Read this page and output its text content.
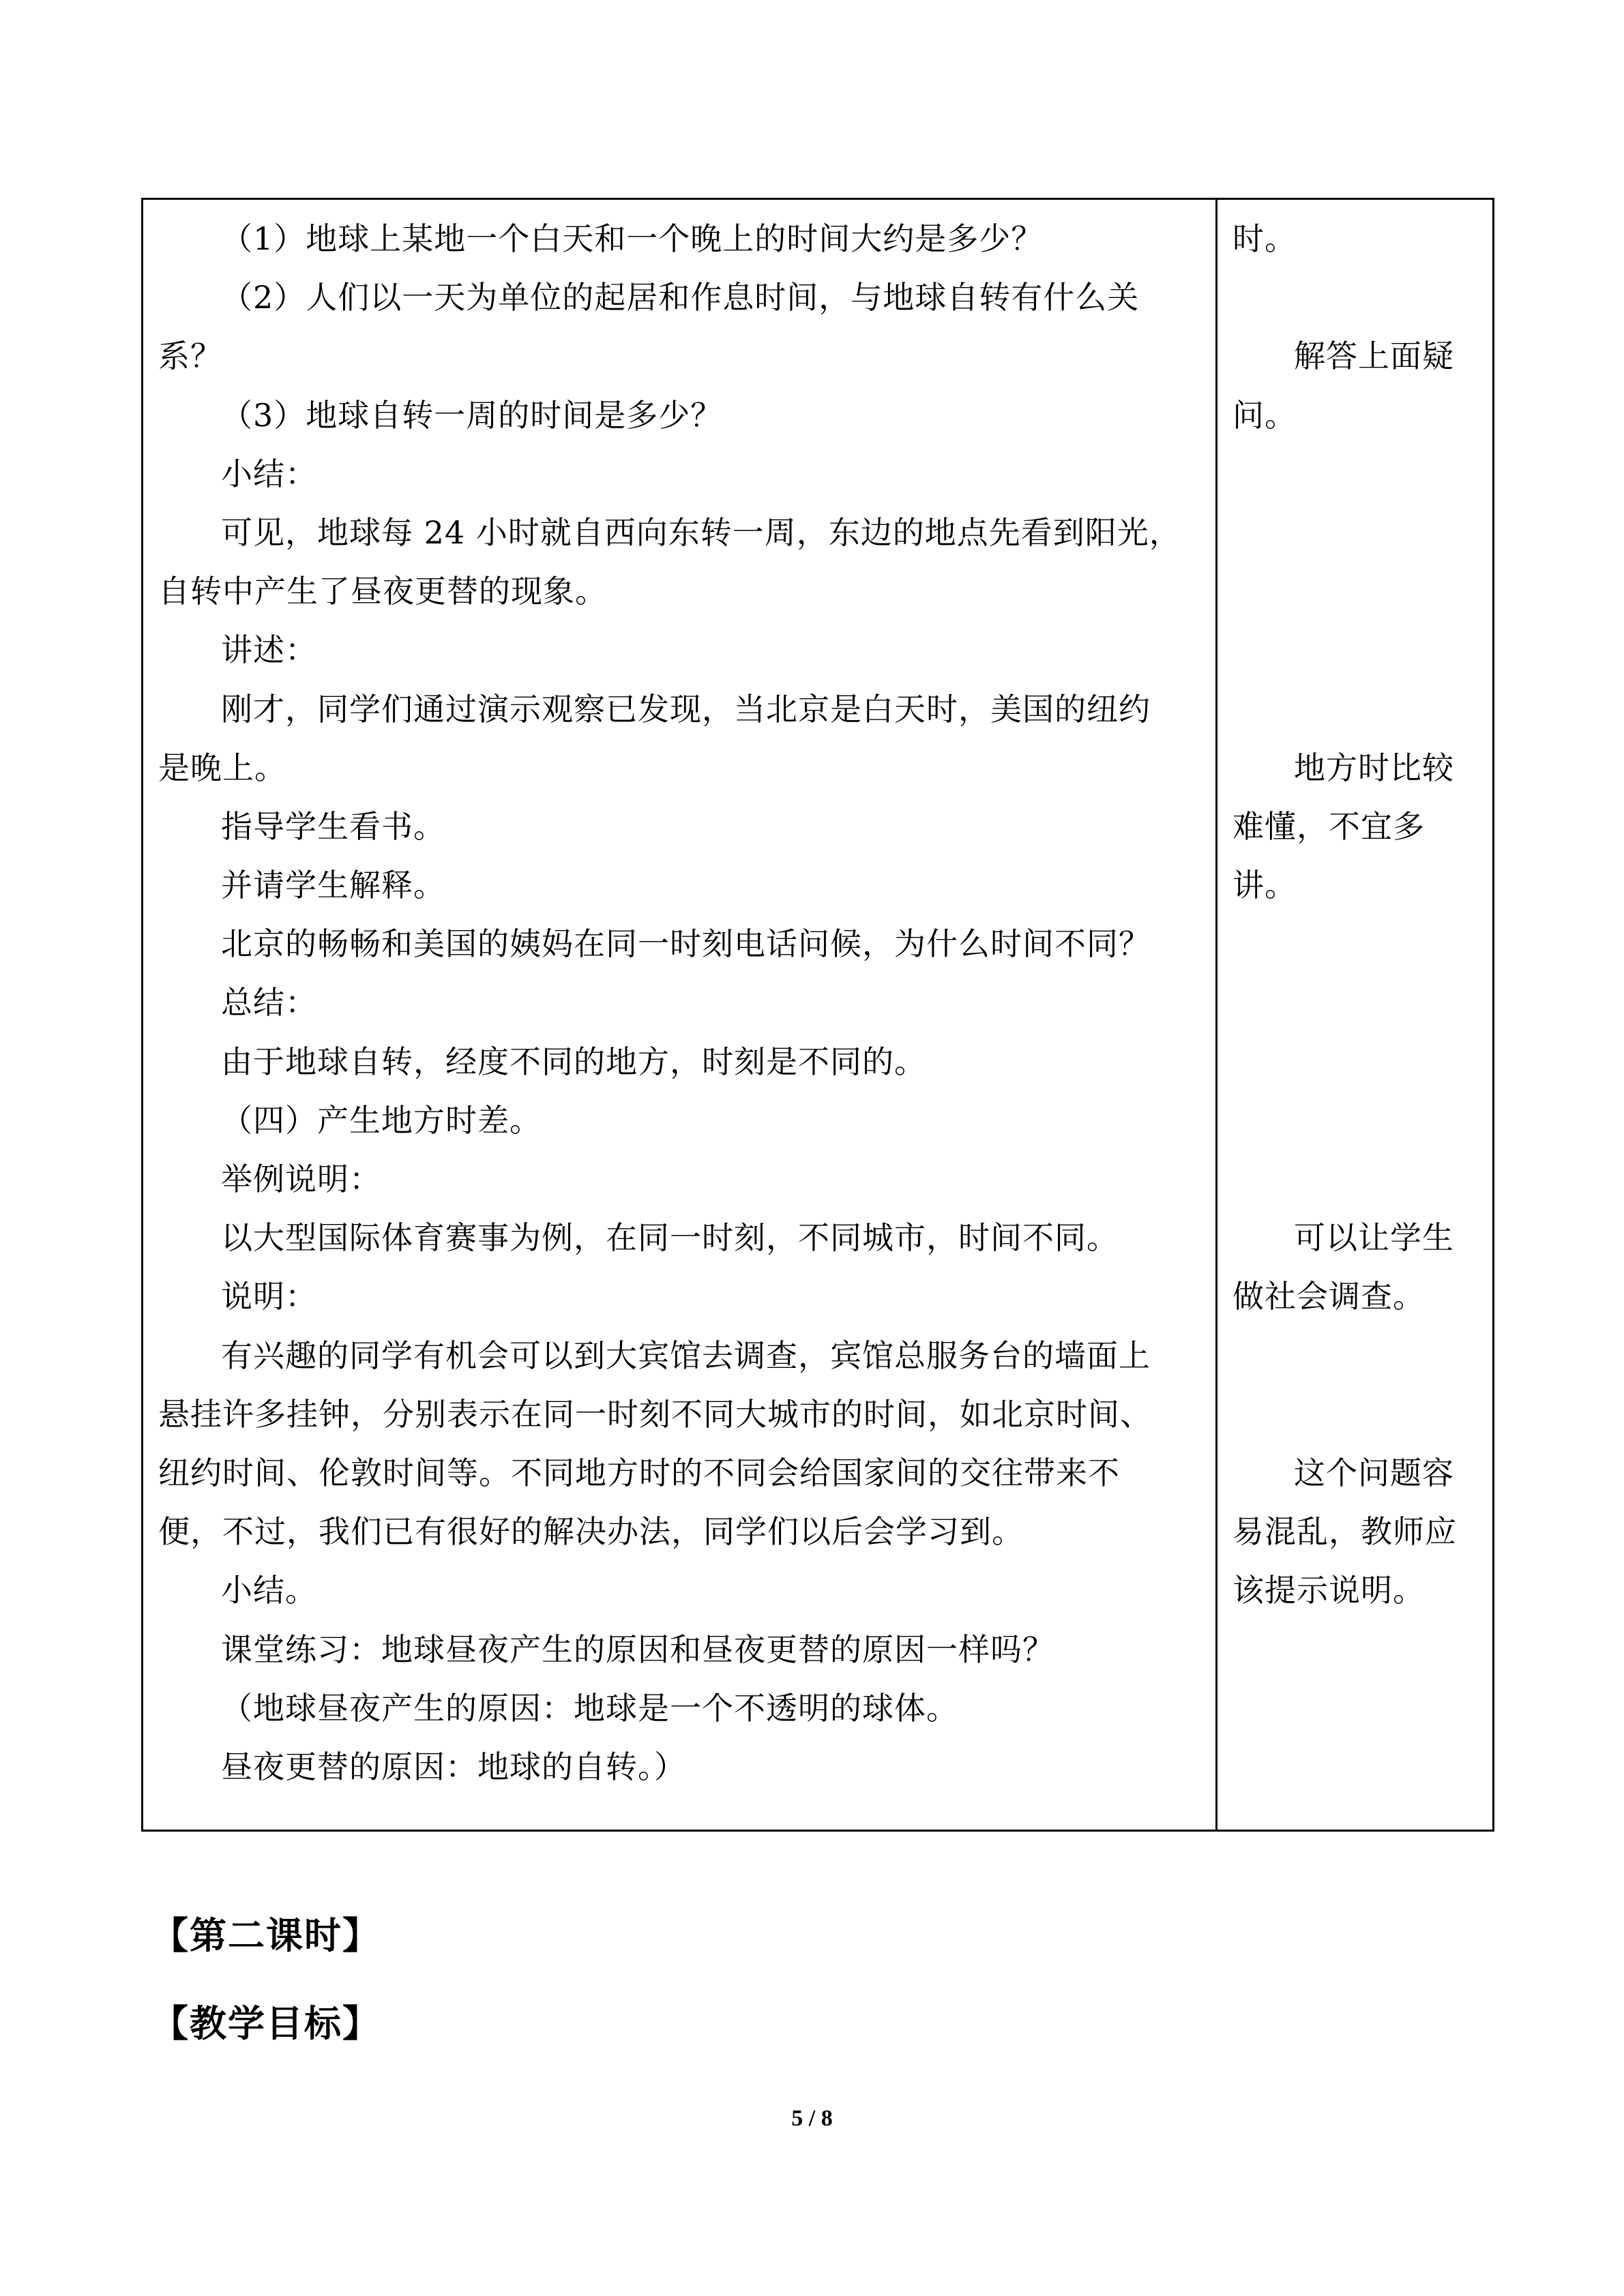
（1）地球上某地一个白天和一个晚上的时间大约是多少？
（2）人们以一天为单位的起居和作息时间，与地球自转有什么关
系？
（3）地球自转一周的时间是多少？
小结：
可见，地球每 24 小时就自西向东转一周，东边的地点先看到阳光，
自转中产生了昼夜更替的现象。
讲述：
刚才，同学们通过演示观察已发现，当北京是白天时，美国的纽约
是晚上。
指导学生看书。
并请学生解释。
北京的畅畅和美国的姨妈在同一时刻电话问候，为什么时间不同？
总结：
由于地球自转，经度不同的地方，时刻是不同的。
（四）产生地方时差。
举例说明：
以大型国际体育赛事为例，在同一时刻，不同城市，时间不同。
说明：
有兴趣的同学有机会可以到大宾馆去调查，宾馆总服务台的墙面上
悬挂许多挂钟，分别表示在同一时刻不同大城市的时间，如北京时间、
纽约时间、伦敦时间等。不同地方时的不同会给国家间的交往带来不
便，不过，我们已有很好的解决办法，同学们以后会学习到。
小结。
课堂练习：地球昼夜产生的原因和昼夜更替的原因一样吗？
（地球昼夜产生的原因：地球是一个不透明的球体。
昼夜更替的原因：地球的自转。）
时。
解答上面疑
问。
地方时比较
难懂，不宜多
讲。
可以让学生
做社会调查。
这个问题容
易混乱，教师应
该提示说明。
【第二课时】
【教学目标】
5 / 8
